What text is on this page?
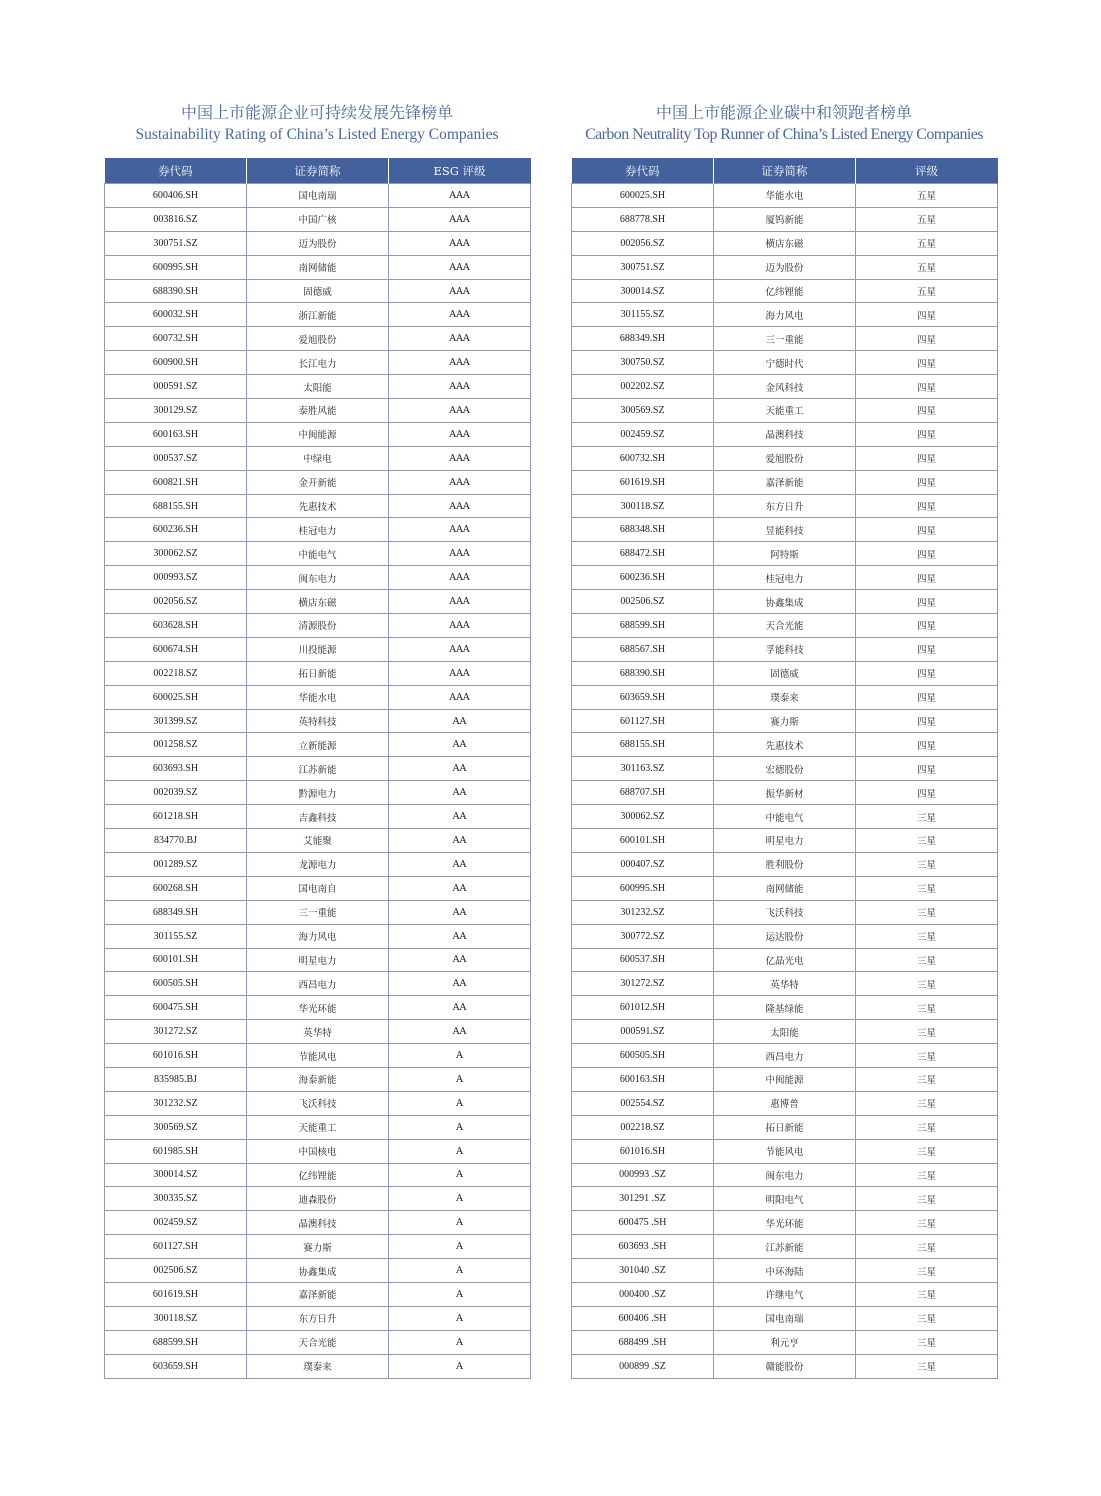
中国上市能源企业可持续发展先锋榜单
Sustainability Rating of China’s Listed Energy Companies
券代码	证券简称	ESG 评级
600406.SH	国电南瑞	AAA
003816.SZ	中国广核	AAA
300751.SZ	迈为股份	AAA
600995.SH	南网储能	AAA
688390.SH	固德威	AAA
600032.SH	浙江新能	AAA
600732.SH	爱旭股份	AAA
600900.SH	长江电力	AAA
000591.SZ	太阳能	AAA
300129.SZ	泰胜风能	AAA
600163.SH	中闽能源	AAA
000537.SZ	中绿电	AAA
600821.SH	金开新能	AAA
688155.SH	先惠技术	AAA
600236.SH	桂冠电力	AAA
300062.SZ	中能电气	AAA
000993.SZ	闽东电力	AAA
002056.SZ	横店东磁	AAA
603628.SH	清源股份	AAA
600674.SH	川投能源	AAA
002218.SZ	拓日新能	AAA
600025.SH	华能水电	AAA
301399.SZ	英特科技	AA
001258.SZ	立新能源	AA
603693.SH	江苏新能	AA
002039.SZ	黔源电力	AA
601218.SH	吉鑫科技	AA
834770.BJ	艾能聚	AA
001289.SZ	龙源电力	AA
600268.SH	国电南自	AA
688349.SH	三一重能	AA
301155.SZ	海力风电	AA
600101.SH	明星电力	AA
600505.SH	西昌电力	AA
600475.SH	华光环能	AA
301272.SZ	英华特	AA
601016.SH	节能风电	A
835985.BJ	海泰新能	A
301232.SZ	飞沃科技	A
300569.SZ	天能重工	A
601985.SH	中国核电	A
300014.SZ	亿纬锂能	A
300335.SZ	迪森股份	A
002459.SZ	晶澳科技	A
601127.SH	赛力斯	A
002506.SZ	协鑫集成	A
601619.SH	嘉泽新能	A
300118.SZ	东方日升	A
688599.SH	天合光能	A
603659.SH	璞泰来	A
中国上市能源企业碳中和领跑者榜单
Carbon Neutrality Top Runner of China’s Listed Energy Companies
券代码	证券简称	评级
600025.SH	华能水电	五星
688778.SH	厦钨新能	五星
002056.SZ	横店东磁	五星
300751.SZ	迈为股份	五星
300014.SZ	亿纬锂能	五星
301155.SZ	海力风电	四星
688349.SH	三一重能	四星
300750.SZ	宁德时代	四星
002202.SZ	金风科技	四星
300569.SZ	天能重工	四星
002459.SZ	晶澳科技	四星
600732.SH	爱旭股份	四星
601619.SH	嘉泽新能	四星
300118.SZ	东方日升	四星
688348.SH	昱能科技	四星
688472.SH	阿特斯	四星
600236.SH	桂冠电力	四星
002506.SZ	协鑫集成	四星
688599.SH	天合光能	四星
688567.SH	孚能科技	四星
688390.SH	固德威	四星
603659.SH	璞泰来	四星
601127.SH	赛力斯	四星
688155.SH	先惠技术	四星
301163.SZ	宏德股份	四星
688707.SH	振华新材	四星
300062.SZ	中能电气	三星
600101.SH	明星电力	三星
000407.SZ	胜利股份	三星
600995.SH	南网储能	三星
301232.SZ	飞沃科技	三星
300772.SZ	运达股份	三星
600537.SH	亿晶光电	三星
301272.SZ	英华特	三星
601012.SH	隆基绿能	三星
000591.SZ	太阳能	三星
600505.SH	西昌电力	三星
600163.SH	中闽能源	三星
002554.SZ	惠博普	三星
002218.SZ	拓日新能	三星
601016.SH	节能风电	三星
000993 .SZ	闽东电力	三星
301291 .SZ	明阳电气	三星
600475 .SH	华光环能	三星
603693 .SH	江苏新能	三星
301040 .SZ	中环海陆	三星
000400 .SZ	许继电气	三星
600406 .SH	国电南瑞	三星
688499 .SH	利元亨	三星
000899 .SZ	赣能股份	三星
